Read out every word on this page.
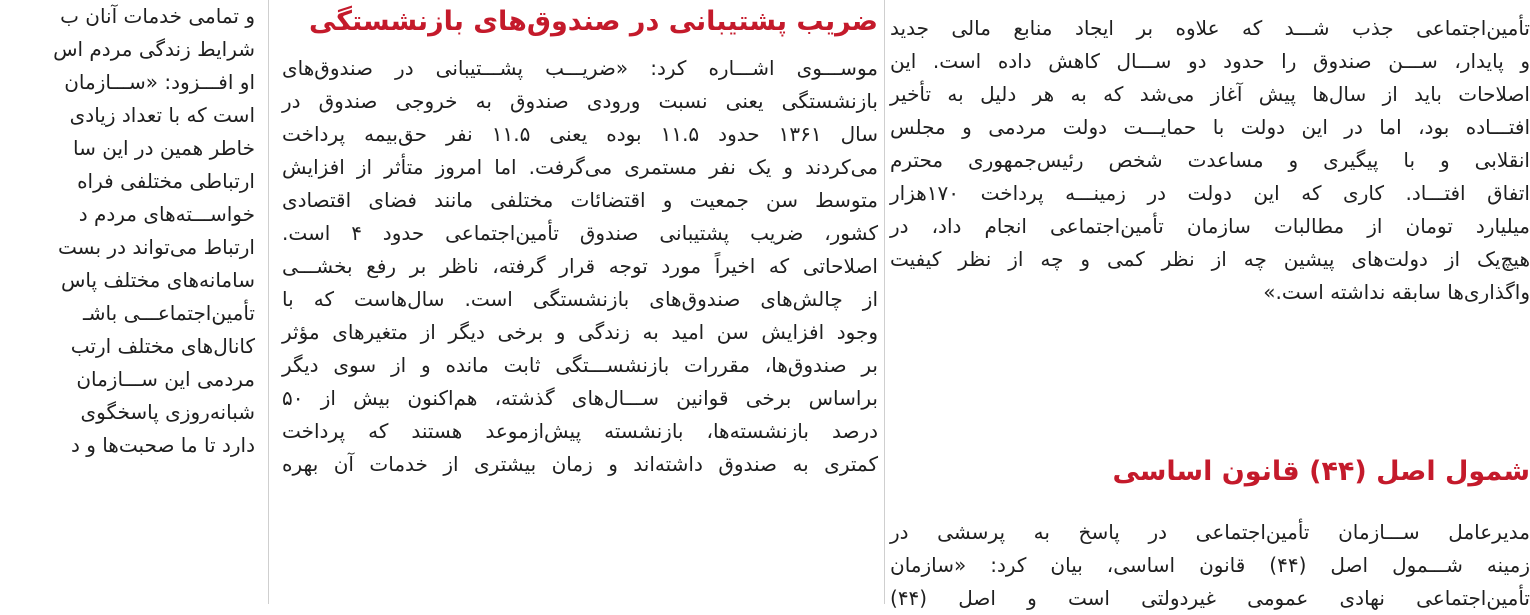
تأمین‌اجتماعی جذب شـــد که علاوه بر ایجاد منابع مالی جدید
و پایدار، ســـن صندوق را حدود دو ســـال کاهش داده است. این
اصلاحات باید از سال‌ها پیش آغاز می‌شد که به هر دلیل به تأخیر
افتـــاده بود، اما در این دولت با حمایـــت دولت مردمی و مجلس
انقلابی و با پیگیری و مساعدت شخص رئیس‌جمهوری محترم
اتفاق افتـــاد. کاری که این دولت در زمینـــه پرداخت ۱۷۰هزار
میلیارد تومان از مطالبات سازمان تأمین‌اجتماعی انجام داد، در
هیچ‌یک از دولت‌های پیشین چه از نظر کمی و چه از نظر کیفیت
واگذاری‌ها سابقه نداشته است.»
شمول اصل (۴۴) قانون اساسی
مدیرعامل ســـازمان تأمین‌اجتماعی در پاسخ به پرسشی در
زمینه شـــمول اصل (۴۴) قانون اساسی، بیان کرد: «سازمان
تأمین‌اجتماعی نهادی عمومی غیردولتی است و اصل (۴۴)
ضریب پشتیبانی در صندوق‌های بازنشستگی
موســـوی اشـــاره کرد: «ضریـــب پشـــتیبانی در صندوق‌های
بازنشستگی یعنی نسبت ورودی صندوق به خروجی صندوق در
سال ۱۳۶۱ حدود ۱۱.۵ بوده یعنی ۱۱.۵ نفر حق‌بیمه پرداخت
می‌کردند و یک نفر مستمری می‌گرفت. اما امروز متأثر از افزایش
متوسط سن جمعیت و اقتضائات مختلفی مانند فضای اقتصادی
کشور، ضریب پشتیبانی صندوق تأمین‌اجتماعی حدود ۴ است.
اصلاحاتی که اخیراً مورد توجه قرار گرفته، ناظر بر رفع بخشـــی
از چالش‌های صندوق‌های بازنشستگی است. سال‌هاست که با
وجود افزایش سن امید به زندگی و برخی دیگر از متغیرهای مؤثر
بر صندوق‌ها، مقررات بازنشســـتگی ثابت مانده و از سوی دیگر
براساس برخی قوانین ســـال‌های گذشته، هم‌اکنون بیش از ۵۰
درصد بازنشسته‌ها، بازنشسته پیش‌ازموعد هستند که پرداخت
کمتری به صندوق داشته‌اند و زمان بیشتری از خدمات آن بهره
و تمامی خدمات آنان ب
شرایط زندگی مردم اس
او افـــزود: «ســـازمان
است که با تعداد زیادی
خاطر همین در این سا
ارتباطی مختلفی فراه
خواســـته‌های مردم د
ارتباط می‌تواند در بست
سامانه‌های مختلف پاس
تأمین‌اجتماعـــی باشـ
کانال‌های مختلف ارتب
مردمی این ســـازمان
شبانه‌روزی پاسخگوی
دارد تا ما صحبت‌ها و د
